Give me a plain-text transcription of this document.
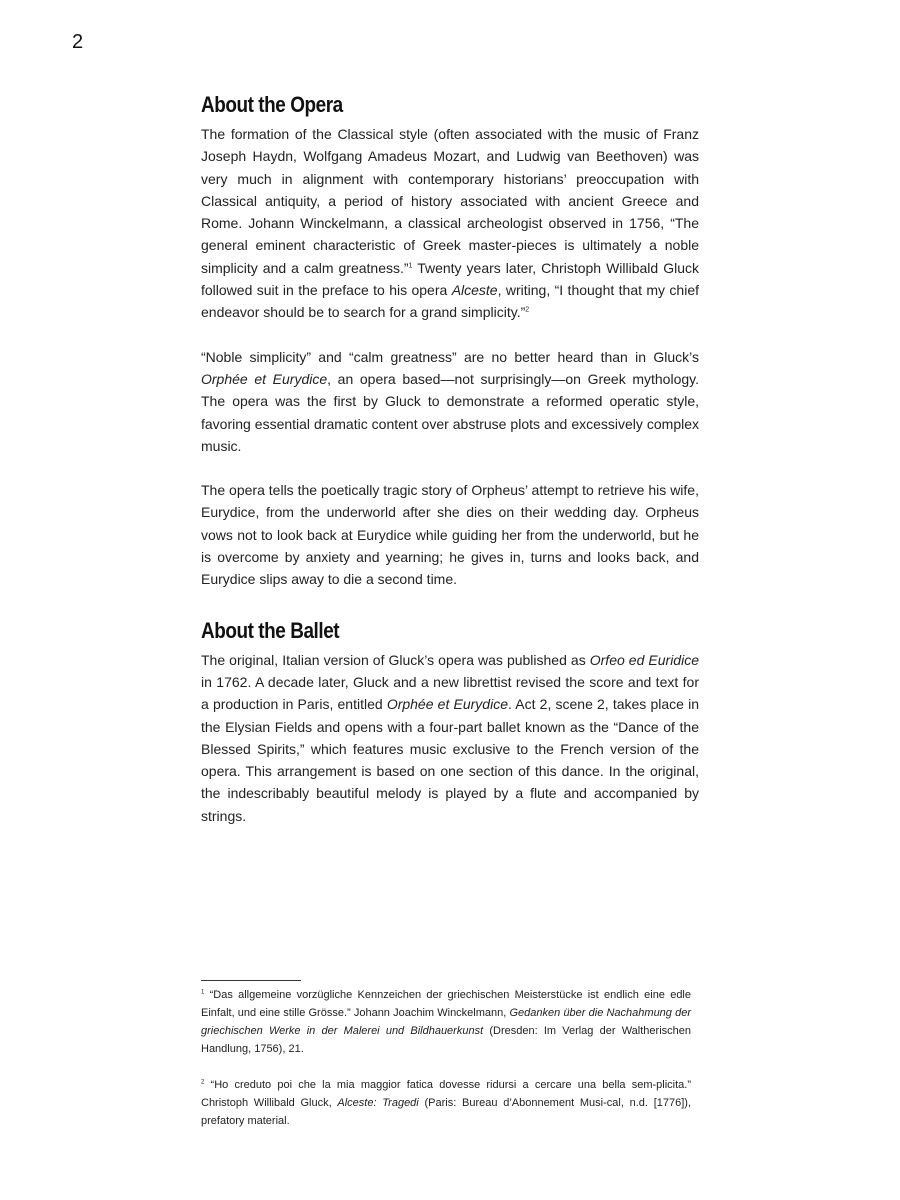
2
About the Opera

The formation of the Classical style (often associated with the music of Franz Joseph Haydn, Wolfgang Amadeus Mozart, and Ludwig van Beethoven) was very much in alignment with contemporary historians’ preoccupation with Classical antiquity, a period of history associated with ancient Greece and Rome. Johann Winckelmann, a classical archeologist observed in 1756, “The general eminent characteristic of Greek master-pieces is ultimately a noble simplicity and a calm greatness.”$^1$ Twenty years later, Christoph Willibald Gluck followed suit in the preface to his opera Alceste, writing, “I thought that my chief endeavor should be to search for a grand simplicity.”$^2$

“Noble simplicity” and “calm greatness” are no better heard than in Gluck’s Orphée et Eurydice, an opera based—not surprisingly—on Greek mythology. The opera was the first by Gluck to demonstrate a reformed operatic style, favoring essential dramatic content over abstruse plots and excessively complex music.

The opera tells the poetically tragic story of Orpheus’ attempt to retrieve his wife, Eurydice, from the underworld after she dies on their wedding day. Orpheus vows not to look back at Eurydice while guiding her from the underworld, but he is overcome by anxiety and yearning; he gives in, turns and looks back, and Eurydice slips away to die a second time.

About the Ballet

The original, Italian version of Gluck’s opera was published as Orfeo ed Euridice in 1762. A decade later, Gluck and a new librettist revised the score and text for a production in Paris, entitled Orphée et Eurydice. Act 2, scene 2, takes place in the Elysian Fields and opens with a four-part ballet known as the “Dance of the Blessed Spirits,” which features music exclusive to the French version of the opera. This arrangement is based on one section of this dance. In the original, the indescribably beautiful melody is played by a flute and accompanied by strings.

$^1$ “Das allgemeine vorzügliche Kennzeichen der griechischen Meisterstücke ist endlich eine edle Einfalt, und eine stille Grösse.” Johann Joachim Winckelmann, Gedanken über die Nachahmung der griechischen Werke in der Malerei und Bildhauerkunst (Dresden: Im Verlag der Waltherischen Handlung, 1756), 21.

$^2$ “Ho creduto poi che la mia maggior fatica dovesse ridursi a cercare una bella sem-plicita.” Christoph Willibald Gluck, Alceste: Tragedi (Paris: Bureau d’Abonnement Musi-cal, n.d. [1776]), prefatory material.
